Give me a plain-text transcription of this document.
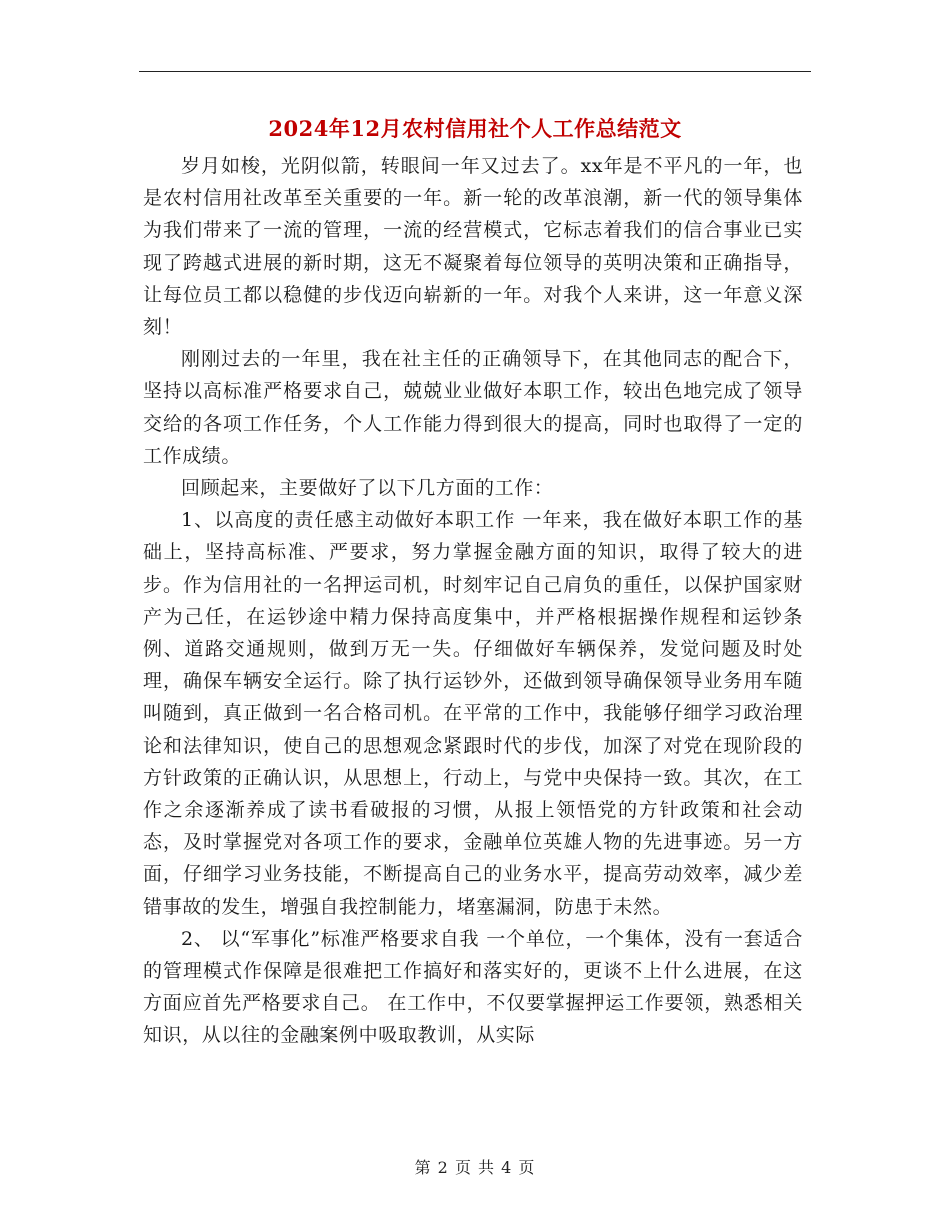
2024年12月农村信用社个人工作总结范文

岁月如梭，光阴似箭，转眼间一年又过去了。xx年是不平凡的一年，也是农村信用社改革至关重要的一年。新一轮的改革浪潮，新一代的领导集体为我们带来了一流的管理，一流的经营模式，它标志着我们的信合事业已实现了跨越式进展的新时期，这无不凝聚着每位领导的英明决策和正确指导，让每位员工都以稳健的步伐迈向崭新的一年。对我个人来讲，这一年意义深刻！

刚刚过去的一年里，我在社主任的正确领导下，在其他同志的配合下，坚持以高标准严格要求自己，兢兢业业做好本职工作，较出色地完成了领导交给的各项工作任务，个人工作能力得到很大的提高，同时也取得了一定的工作成绩。

回顾起来，主要做好了以下几方面的工作：

1、以高度的责任感主动做好本职工作 一年来，我在做好本职工作的基础上，坚持高标准、严要求，努力掌握金融方面的知识，取得了较大的进步。作为信用社的一名押运司机，时刻牢记自己肩负的重任，以保护国家财产为己任，在运钞途中精力保持高度集中，并严格根据操作规程和运钞条例、道路交通规则，做到万无一失。仔细做好车辆保养，发觉问题及时处理，确保车辆安全运行。除了执行运钞外，还做到领导确保领导业务用车随叫随到，真正做到一名合格司机。在平常的工作中，我能够仔细学习政治理论和法律知识，使自己的思想观念紧跟时代的步伐，加深了对党在现阶段的方针政策的正确认识，从思想上，行动上，与党中央保持一致。其次，在工作之余逐渐养成了读书看破报的习惯，从报上领悟党的方针政策和社会动态，及时掌握党对各项工作的要求，金融单位英雄人物的先进事迹。另一方面，仔细学习业务技能，不断提高自己的业务水平，提高劳动效率，减少差错事故的发生，增强自我控制能力，堵塞漏洞，防患于未然。

2、 以“军事化”标准严格要求自我 一个单位，一个集体，没有一套适合的管理模式作保障是很难把工作搞好和落实好的，更谈不上什么进展，在这方面应首先严格要求自己。 在工作中，不仅要掌握押运工作要领，熟悉相关知识，从以往的金融案例中吸取教训，从实际

第 2 页 共 4 页
